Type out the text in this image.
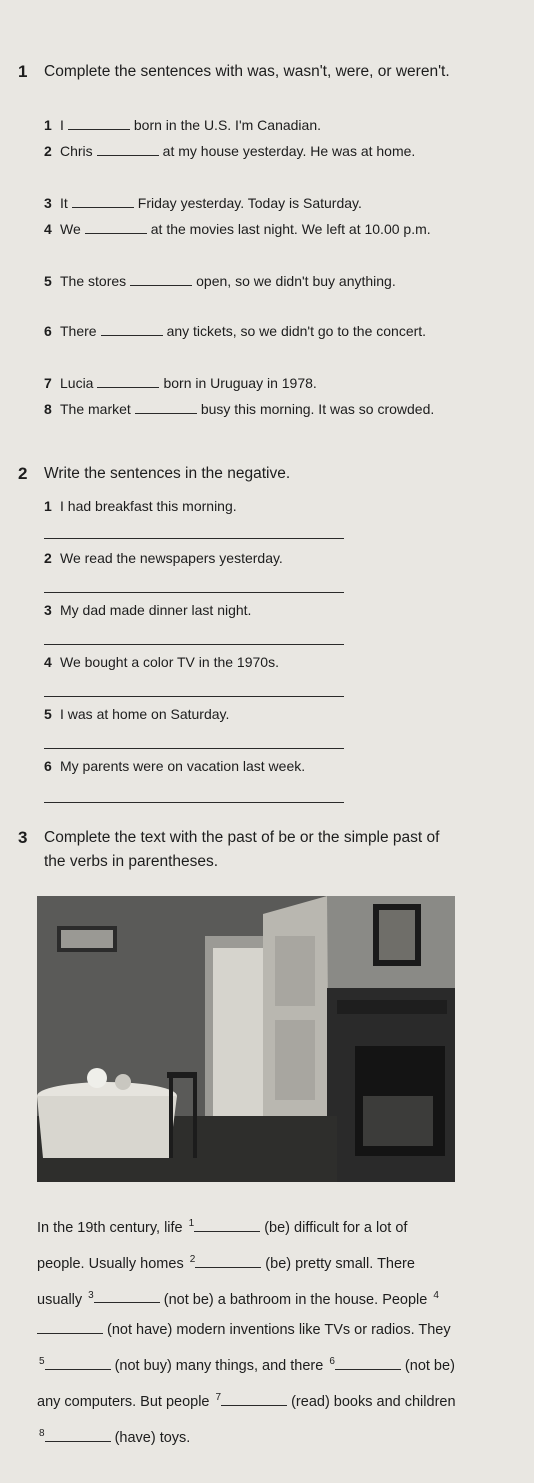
1 Complete the sentences with was, wasn't, were, or weren't.
1 I	born in the U.S. I'm Canadian.
2 Chris	at my house yesterday. He was at home.
3 It	Friday yesterday. Today is Saturday.
4 We	at the movies last night. We left at 10.00 p.m.
5 The stores	open, so we didn't buy anything.
6 There	any tickets, so we didn't go to the concert.
7 Lucia	born in Uruguay in 1978.
8 The market	busy this morning. It was so crowded.
2 Write the sentences in the negative.
1 I had breakfast this morning.
2 We read the newspapers yesterday.
3 My dad made dinner last night.
4 We bought a color TV in the 1970s.
5 I was at home on Saturday.
6 My parents were on vacation last week.
3 Complete the text with the past of be or the simple past of the verbs in parentheses.
In the 19th century, life $^1$	(be) difficult for a lot of people. Usually homes $^2$	(be) pretty small. There usually $^3$	(not be) a bathroom in the house. People $^4$(not have) modern inventions like TVs or radios. They $^5$	(not buy) many things, and there $^6$	(not be) any computers. But people $^7$	(read) books and children $^8$	(have) toys.
